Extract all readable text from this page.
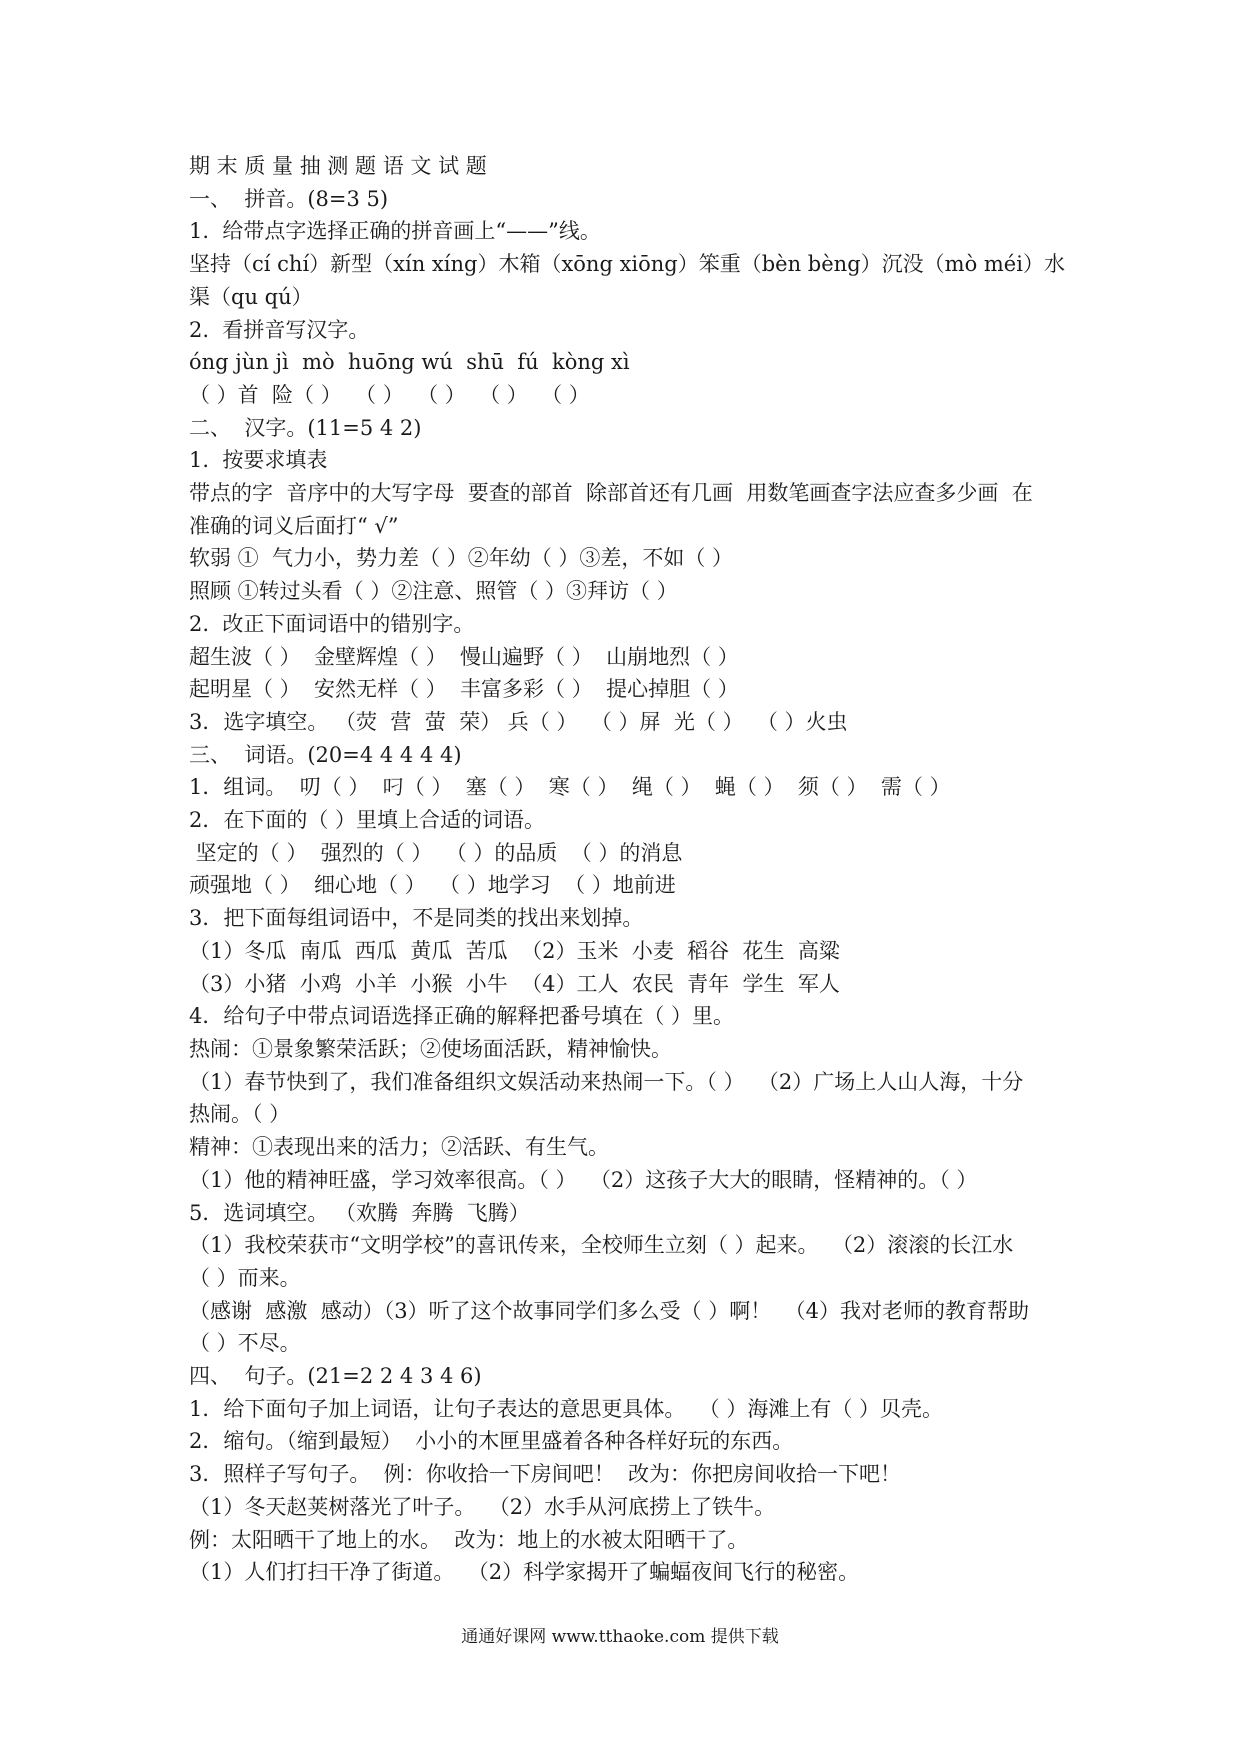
期 末 质 量 抽 测 题 语 文 试 题
一、  拼音。(8=3 5)
1.  给带点字选择正确的拼音画上“——”线。
坚持（cí chí）新型（xín xíng）木箱（xōng xiōng）笨重（bèn bèng）沉没（mò méi）水
渠（qu qú）
2.  看拼音写汉字。
óng jùn jì  mò  huōng wú  shū  fú  kòng xì
（ ）首  险（ ）  （ ）  （ ）  （ ）  （ ）
二、  汉字。(11=5 4 2)
1.  按要求填表
带点的字  音序中的大写字母  要查的部首  除部首还有几画  用数笔画查字法应查多少画  在
准确的词义后面打“ √”
软弱 ①  气力小，势力差（ ）②年幼（ ）③差，不如（ ）
照顾 ①转过头看（ ）②注意、照管（ ）③拜访（ ）
2.  改正下面词语中的错别字。
超生波（ ）  金壁辉煌（ ）  慢山遍野（ ）  山崩地烈（ ）
起明星（ ）  安然无样（ ）  丰富多彩（ ）  提心掉胆（ ）
3．选字填空。 （荧  营  萤  荣） 兵（ ）  （ ）屏  光（ ）  （ ）火虫
三、  词语。(20=4 4 4 4 4)
1．组词。  叨（ ）  叼（ ）  塞（ ）  寒（ ）  绳（ ）  蝇（ ）  须（ ）  需（ ）
2．在下面的（ ）里填上合适的词语。
坚定的（ ）  强烈的（ ）  （ ）的品质  （ ）的消息
顽强地（ ）  细心地（ ）  （ ）地学习  （ ）地前进
3．把下面每组词语中，不是同类的找出来划掉。
（1）冬瓜  南瓜  西瓜  黄瓜  苦瓜  （2）玉米  小麦  稻谷  花生  高粱
（3）小猪  小鸡  小羊  小猴  小牛  （4）工人  农民  青年  学生  军人
4．给句子中带点词语选择正确的解释把番号填在（ ）里。
热闹：①景象繁荣活跃；②使场面活跃，精神愉快。
（1）春节快到了，我们准备组织文娱活动来热闹一下。（ ）  （2）广场上人山人海，十分
热闹。（ ）
精神：①表现出来的活力；②活跃、有生气。
（1）他的精神旺盛，学习效率很高。（ ）  （2）这孩子大大的眼睛，怪精神的。（ ）
5．选词填空。 （欢腾  奔腾  飞腾）
（1）我校荣获市“文明学校”的喜讯传来，全校师生立刻（ ）起来。  （2）滚滚的长江水
（ ）而来。
（感谢  感激  感动）（3）听了这个故事同学们多么受（ ）啊！  （4）我对老师的教育帮助
（ ）不尽。
四、  句子。(21=2 2 4 3 4 6)
1．给下面句子加上词语，让句子表达的意思更具体。  （ ）海滩上有（ ）贝壳。
2．缩句。（缩到最短）  小小的木匣里盛着各种各样好玩的东西。
3．照样子写句子。  例：你收拾一下房间吧！  改为：你把房间收拾一下吧！
（1）冬天赵荚树落光了叶子。  （2）水手从河底捞上了铁牛。
例：太阳晒干了地上的水。  改为：地上的水被太阳晒干了。
（1）人们打扫干净了街道。  （2）科学家揭开了蝙蝠夜间飞行的秘密。
通通好课网 www.tthaoke.com 提供下载
